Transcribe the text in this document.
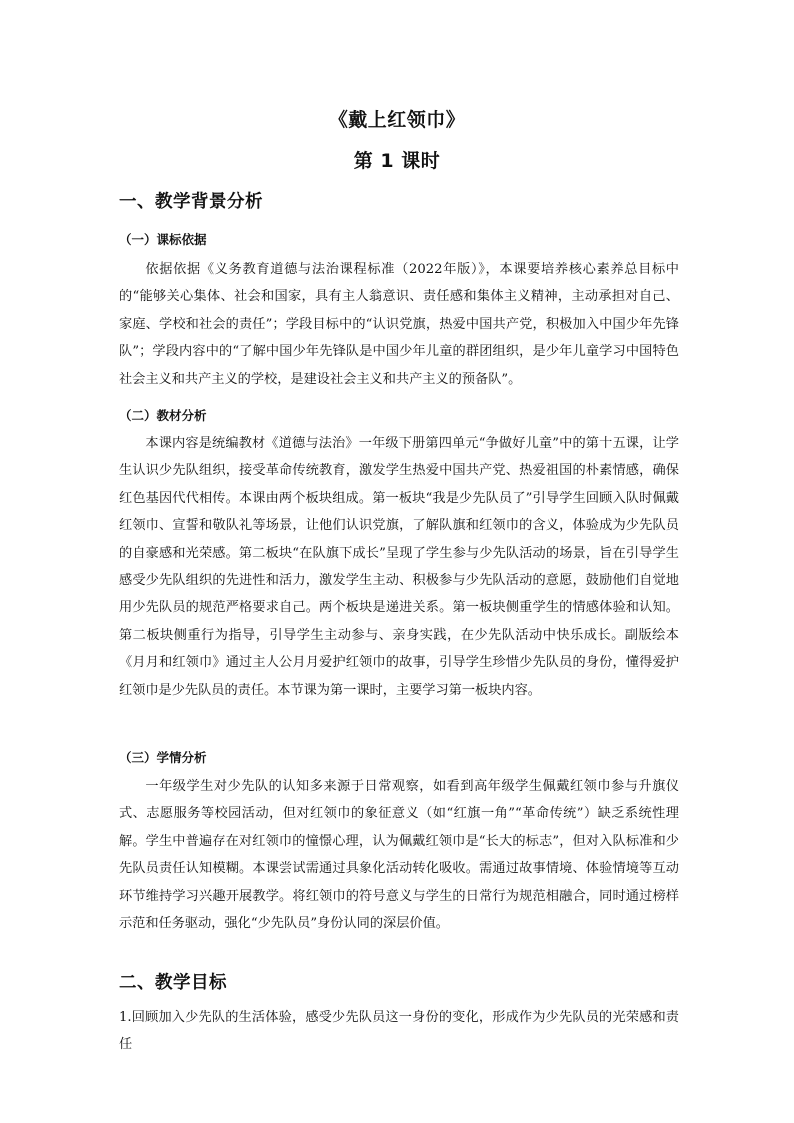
《戴上红领巾》
第 1 课时
一、教学背景分析
（一）课标依据

依据依据《义务教育道德与法治课程标准（2022年版）》，本课要培养核心素养总目标中的“能够关心集体、社会和国家，具有主人翁意识、责任感和集体主义精神，主动承担对自己、家庭、学校和社会的责任”；学段目标中的“认识党旗，热爱中国共产党，积极加入中国少年先锋队”；学段内容中的“了解中国少年先锋队是中国少年儿童的群团组织，是少年儿童学习中国特色社会主义和共产主义的学校，是建设社会主义和共产主义的预备队”。

（二）教材分析

本课内容是统编教材《道德与法治》一年级下册第四单元“争做好儿童”中的第十五课，让学生认识少先队组织，接受革命传统教育，激发学生热爱中国共产党、热爱祖国的朴素情感，确保红色基因代代相传。本课由两个板块组成。第一板块“我是少先队员了”引导学生回顾入队时佩戴红领巾、宣誓和敬队礼等场景，让他们认识党旗，了解队旗和红领巾的含义，体验成为少先队员的自豪感和光荣感。第二板块“在队旗下成长”呈现了学生参与少先队活动的场景，旨在引导学生感受少先队组织的先进性和活力，激发学生主动、积极参与少先队活动的意愿，鼓励他们自觉地用少先队员的规范严格要求自己。两个板块是递进关系。第一板块侧重学生的情感体验和认知。第二板块侧重行为指导，引导学生主动参与、亲身实践，在少先队活动中快乐成长。副版绘本《月月和红领巾》通过主人公月月爱护红领巾的故事，引导学生珍惜少先队员的身份，懂得爱护红领巾是少先队员的责任。本节课为第一课时，主要学习第一板块内容。

（三）学情分析

一年级学生对少先队的认知多来源于日常观察，如看到高年级学生佩戴红领巾参与升旗仪式、志愿服务等校园活动，但对红领巾的象征意义（如“红旗一角”“革命传统”）缺乏系统性理解。学生中普遍存在对红领巾的憧憬心理，认为佩戴红领巾是“长大的标志”，但对入队标准和少先队员责任认知模糊。本课尝试需通过具象化活动转化吸收。需通过故事情境、体验情境等互动环节维持学习兴趣开展教学。将红领巾的符号意义与学生的日常行为规范相融合，同时通过榜样示范和任务驱动，强化“少先队员”身份认同的深层价值。

二、教学目标

1.回顾加入少先队的生活体验，感受少先队员这一身份的变化，形成作为少先队员的光荣感和责任
